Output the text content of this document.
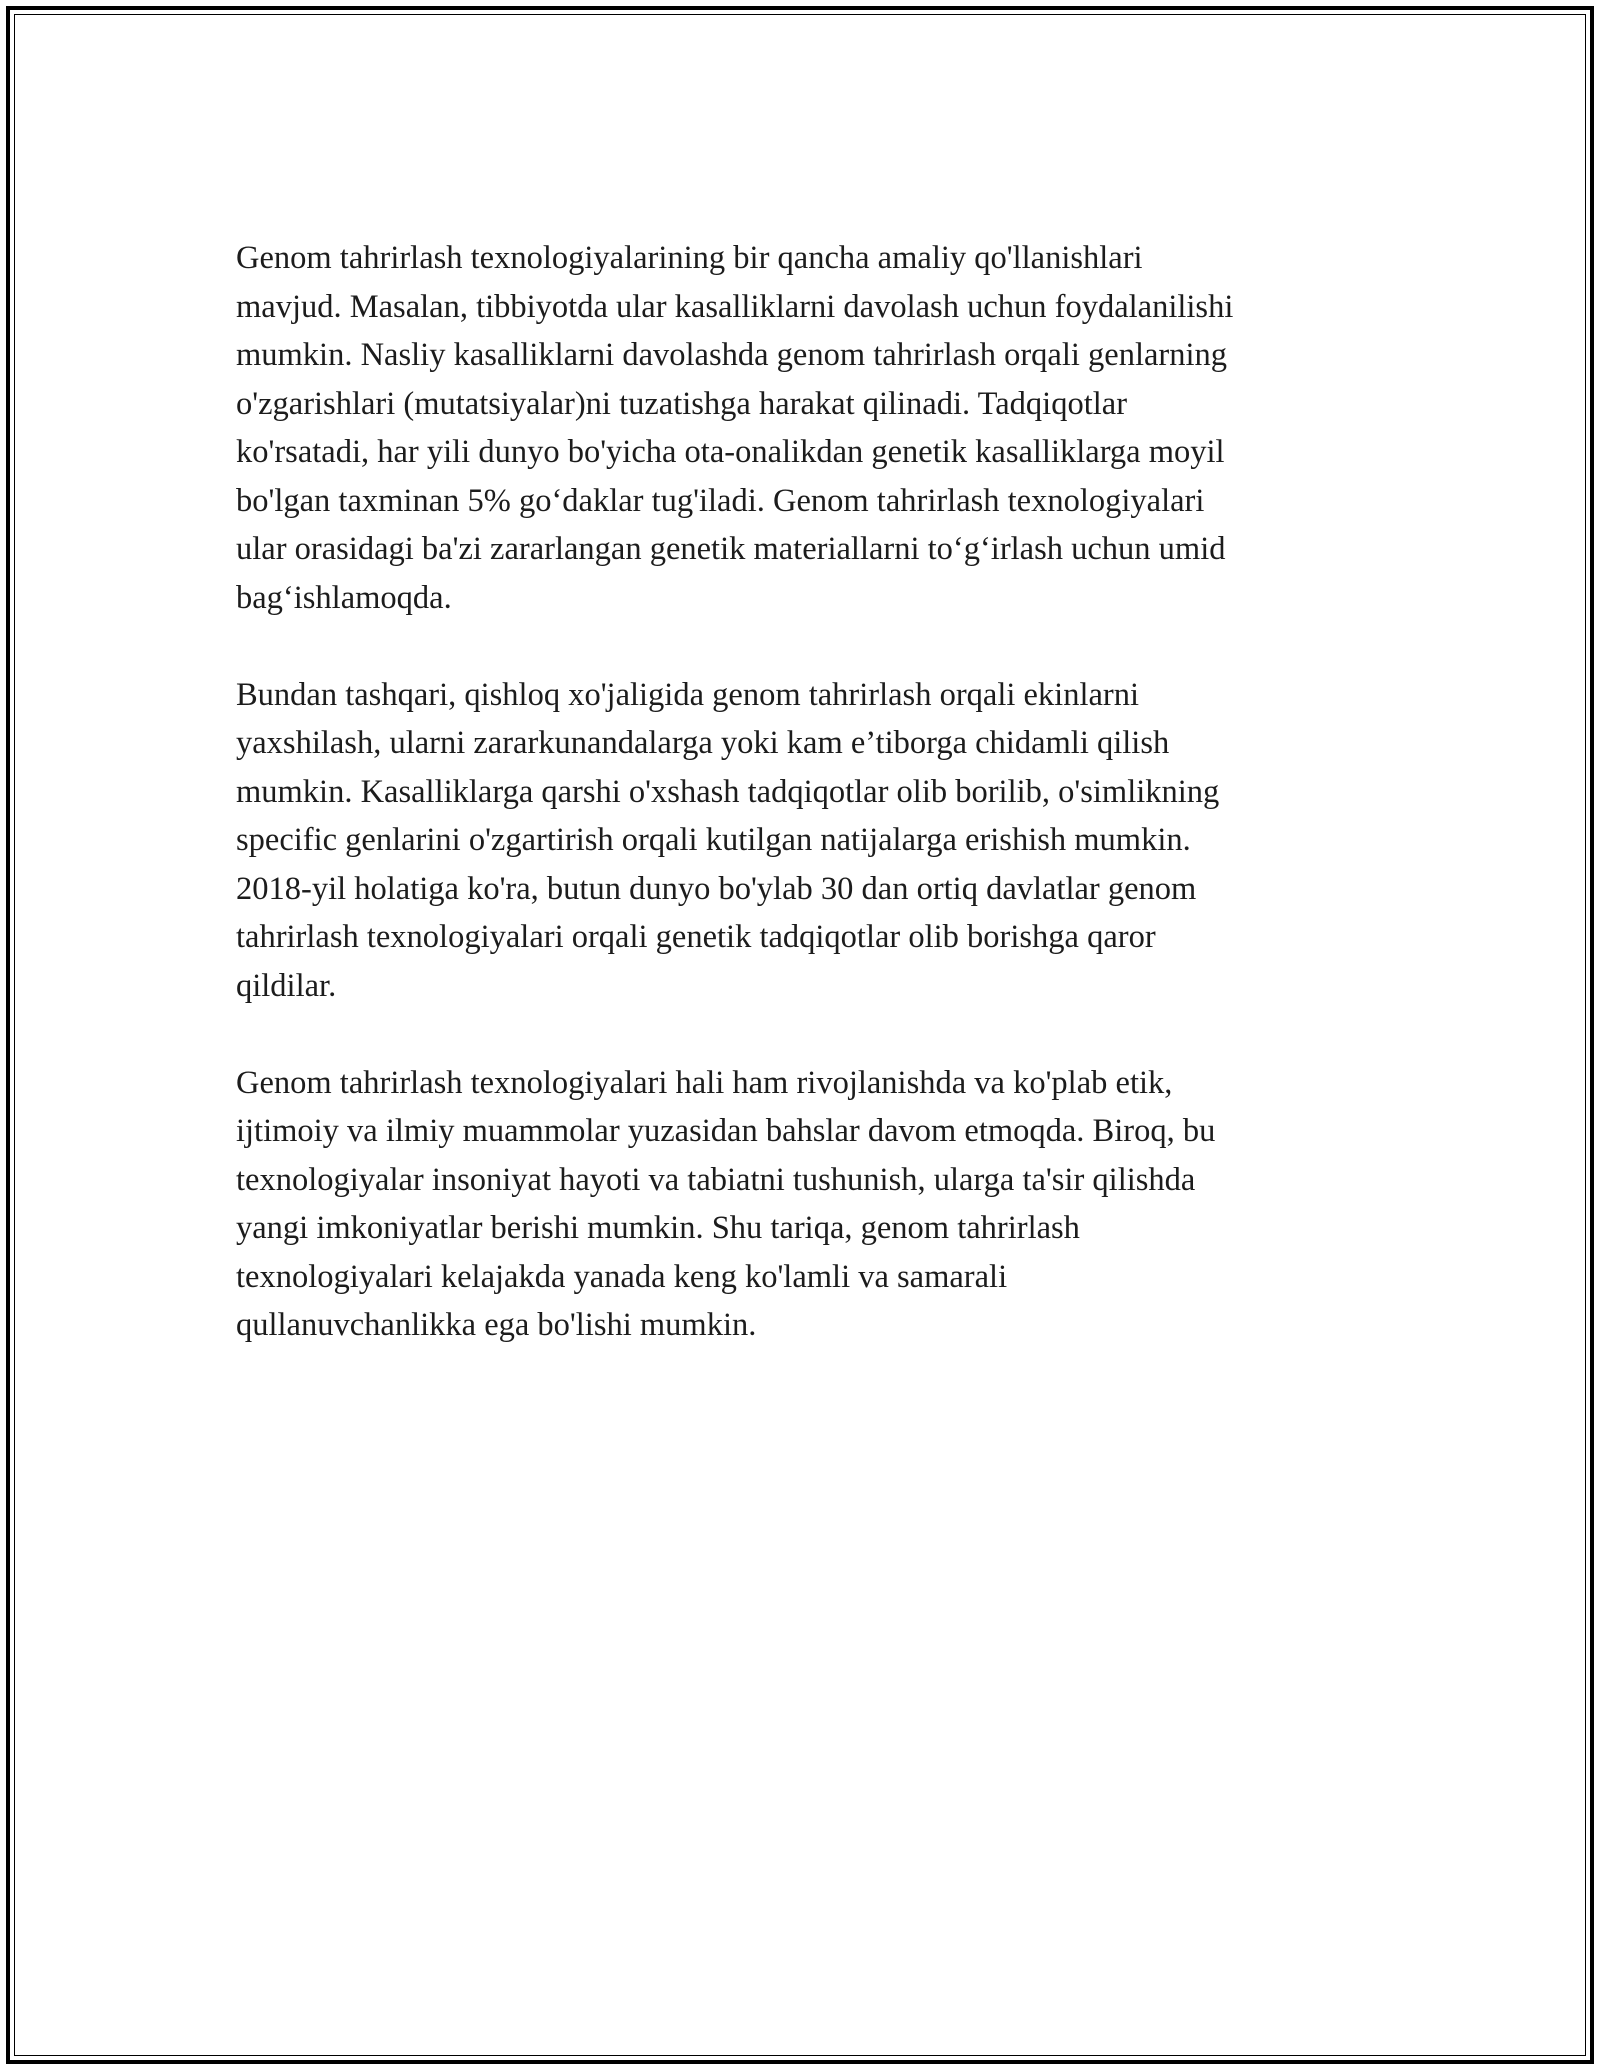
Genom tahrirlash texnologiyalarining bir qancha amaliy qo'llanishlari
mavjud. Masalan, tibbiyotda ular kasalliklarni davolash uchun foydalanilishi
mumkin. Nasliy kasalliklarni davolashda genom tahrirlash orqali genlarning
o'zgarishlari (mutatsiyalar)ni tuzatishga harakat qilinadi. Tadqiqotlar
ko'rsatadi, har yili dunyo bo'yicha ota-onalikdan genetik kasalliklarga moyil
bo'lgan taxminan 5% go‘daklar tug'iladi. Genom tahrirlash texnologiyalari
ular orasidagi ba'zi zararlangan genetik materiallarni to‘g‘irlash uchun umid
bag‘ishlamoqda.

Bundan tashqari, qishloq xo'jaligida genom tahrirlash orqali ekinlarni
yaxshilash, ularni zararkunandalarga yoki kam e’tiborga chidamli qilish
mumkin. Kasalliklarga qarshi o'xshash tadqiqotlar olib borilib, o'simlikning
specific genlarini o'zgartirish orqali kutilgan natijalarga erishish mumkin.
2018-yil holatiga ko'ra, butun dunyo bo'ylab 30 dan ortiq davlatlar genom
tahrirlash texnologiyalari orqali genetik tadqiqotlar olib borishga qaror
qildilar.

Genom tahrirlash texnologiyalari hali ham rivojlanishda va ko'plab etik,
ijtimoiy va ilmiy muammolar yuzasidan bahslar davom etmoqda. Biroq, bu
texnologiyalar insoniyat hayoti va tabiatni tushunish, ularga ta'sir qilishda
yangi imkoniyatlar berishi mumkin. Shu tariqa, genom tahrirlash
texnologiyalari kelajakda yanada keng ko'lamli va samarali
qullanuvchanlikka ega bo'lishi mumkin.
